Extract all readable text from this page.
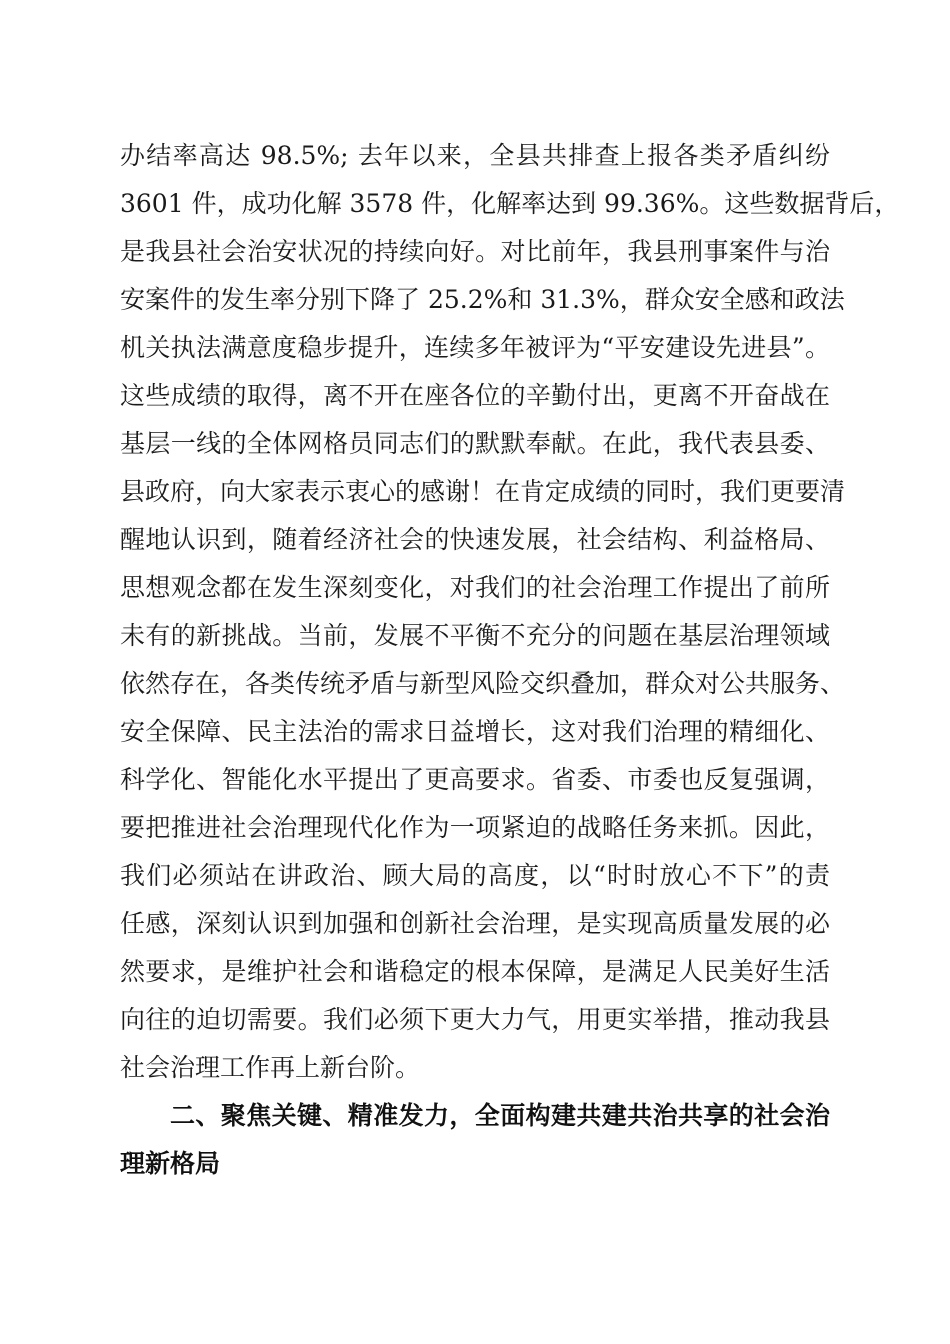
办结率高达 98.5%; 去年以来，全县共排查上报各类矛盾纠纷
3601 件，成功化解 3578 件，化解率达到 99.36%。这些数据背后，
是我县社会治安状况的持续向好。对比前年，我县刑事案件与治
安案件的发生率分别下降了 25.2%和 31.3%，群众安全感和政法
机关执法满意度稳步提升，连续多年被评为“平安建设先进县”。
这些成绩的取得，离不开在座各位的辛勤付出，更离不开奋战在
基层一线的全体网格员同志们的默默奉献。在此，我代表县委、
县政府，向大家表示衷心的感谢！在肯定成绩的同时，我们更要清
醒地认识到，随着经济社会的快速发展，社会结构、利益格局、
思想观念都在发生深刻变化，对我们的社会治理工作提出了前所
未有的新挑战。当前，发展不平衡不充分的问题在基层治理领域
依然存在，各类传统矛盾与新型风险交织叠加，群众对公共服务、
安全保障、民主法治的需求日益增长，这对我们治理的精细化、
科学化、智能化水平提出了更高要求。省委、市委也反复强调，
要把推进社会治理现代化作为一项紧迫的战略任务来抓。因此，
我们必须站在讲政治、顾大局的高度，以“时时放心不下”的责
任感，深刻认识到加强和创新社会治理，是实现高质量发展的必
然要求，是维护社会和谐稳定的根本保障，是满足人民美好生活
向往的迫切需要。我们必须下更大力气，用更实举措，推动我县
社会治理工作再上新台阶。
二、聚焦关键、精准发力，全面构建共建共治共享的社会治
理新格局
